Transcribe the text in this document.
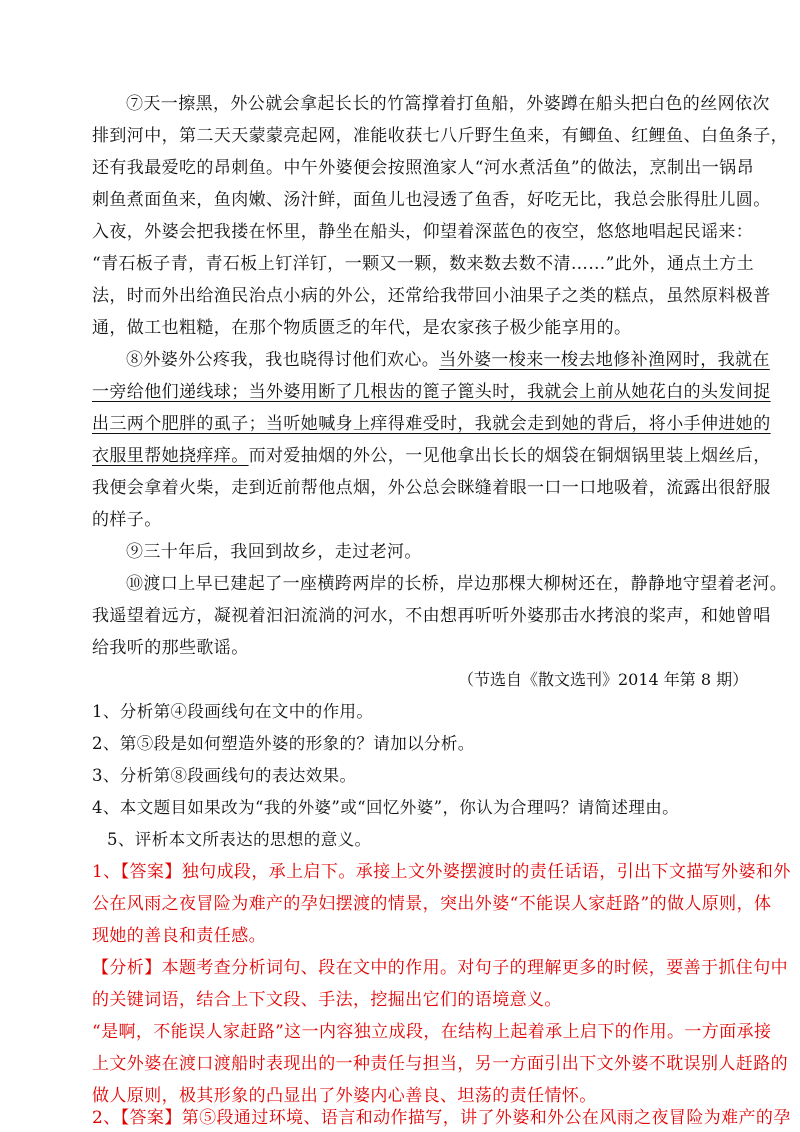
⑦天一擦黑，外公就会拿起长长的竹篙撑着打鱼船，外婆蹲在船头把白色的丝网依次
排到河中，第二天天蒙蒙亮起网，准能收获七八斤野生鱼来，有鲫鱼、红鲤鱼、白鱼条子，
还有我最爱吃的昂刺鱼。中午外婆便会按照渔家人“河水煮活鱼”的做法，烹制出一锅昂
刺鱼煮面鱼来，鱼肉嫩、汤汁鲜，面鱼儿也浸透了鱼香，好吃无比，我总会胀得肚儿圆。
入夜，外婆会把我搂在怀里，静坐在船头，仰望着深蓝色的夜空，悠悠地唱起民谣来：
“青石板子青，青石板上钉洋钉，一颗又一颗，数来数去数不清……”此外，通点土方土
法，时而外出给渔民治点小病的外公，还常给我带回小油果子之类的糕点，虽然原料极普
通，做工也粗糙，在那个物质匮乏的年代，是农家孩子极少能享用的。
⑧外婆外公疼我，我也晓得讨他们欢心。当外婆一梭来一梭去地修补渔网时，我就在
一旁给他们递线球；当外婆用断了几根齿的篦子篦头时，我就会上前从她花白的头发间捉
出三两个肥胖的虱子；当听她喊身上痒得难受时，我就会走到她的背后，将小手伸进她的
衣服里帮她挠痒痒。而对爱抽烟的外公，一见他拿出长长的烟袋在铜烟锅里装上烟丝后，
我便会拿着火柴，走到近前帮他点烟，外公总会眯缝着眼一口一口地吸着，流露出很舒服
的样子。
⑨三十年后，我回到故乡，走过老河。
⑩渡口上早已建起了一座横跨两岸的长桥，岸边那棵大柳树还在，静静地守望着老河。
我遥望着远方，凝视着汩汩流淌的河水，不由想再听听外婆那击水拷浪的桨声，和她曾唱
给我听的那些歌谣。
（节选自《散文选刊》2014 年第 8 期）
1、分析第④段画线句在文中的作用。
2、第⑤段是如何塑造外婆的形象的？请加以分析。
3、分析第⑧段画线句的表达效果。
4、本文题目如果改为“我的外婆”或“回忆外婆”，你认为合理吗？请简述理由。
5、评析本文所表达的思想的意义。
1、【答案】独句成段，承上启下。承接上文外婆摆渡时的责任话语，引出下文描写外婆和外
公在风雨之夜冒险为难产的孕妇摆渡的情景，突出外婆“不能误人家赶路”的做人原则，体
现她的善良和责任感。
【分析】本题考查分析词句、段在文中的作用。对句子的理解更多的时候，要善于抓住句中
的关键词语，结合上下文段、手法，挖掘出它们的语境意义。
“是啊，不能误人家赶路”这一内容独立成段，在结构上起着承上启下的作用。一方面承接
上文外婆在渡口渡船时表现出的一种责任与担当，另一方面引出下文外婆不耽误别人赶路的
做人原则，极其形象的凸显出了外婆内心善良、坦荡的责任情怀。
2、【答案】第⑤段通过环境、语言和动作描写，讲了外婆和外公在风雨之夜冒险为难产的孕
